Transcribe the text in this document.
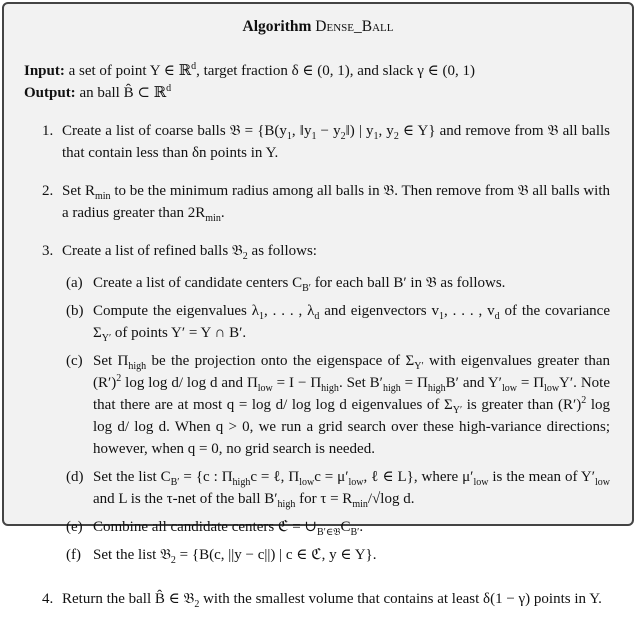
Algorithm Dense_Ball
Input: a set of point Y ∈ ℝ$^d$, target fraction δ ∈ (0, 1), and slack γ ∈ (0, 1)
Output: an ball B̂ ⊂ ℝ$^d$
1. Create a list of coarse balls 𝔅 = {$B(y_1$, $‖y_1$ − $y_2‖$) | $y_1$, $y_2$ ∈ Y} and remove from 𝔅 all balls that contain less than δn points in Y.
2. Set $R_{min}$ to be the minimum radius among all balls in 𝔅. Then remove from 𝔅 all balls with a radius greater than $2R_{min}$.
3. Create a list of refined balls 𝔅$_2$ as follows:
(a) Create a list of candidate centers $C_{B'}$ for each ball B′ in 𝔅 as follows.
(b) Compute the eigenvalues $\lambda_1$, . . . , $\lambda_d$ and eigenvectors $v_1$, . . . , $v_d$ of the covariance $\Sigma_{Y'}$ of points Y′ = Y ∩ B′.
(c) Set $\Pi_{high}$ be the projection onto the eigenspace of $\Sigma_{Y'}$ with eigenvalues greater than $(R')^2$ log log d/ log d and $\Pi_{low} = I - \Pi_{high}$. Set $B'_{high} = \Pi_{high}B'$ and $Y'_{low} = \Pi_{low}Y'$. Note that there are at most q = log d/ log log d eigenvalues of $\Sigma_{Y'}$ is greater than $(R')^2$ log log d/ log d. When q > 0, we run a grid search over these high-variance directions; however, when q = 0, no grid search is needed.
(d) Set the list $C_{B'} = \{c$ : $\Pi_{high}c$ = ℓ, $\Pi_{low}c = \mu'_{low}$, ℓ ∈ L}, where $\mu'_{low}$ is the mean of $Y'_{low}$ and L is the τ-net of the ball $B'_{high}$ for $\tau = R_{min}/√\log$ d.
(e) Combine all candidate centers ℭ = $\cup_{B'\in 𝔅}C_{B'}$.
(f) Set the list 𝔅$_2$ = {B(c, ||y − c||) | c ∈ ℭ, y ∈ Y}.
4. Return the ball B̂ ∈ 𝔅$_2$ with the smallest volume that contains at least δ(1 − γ) points in Y.
